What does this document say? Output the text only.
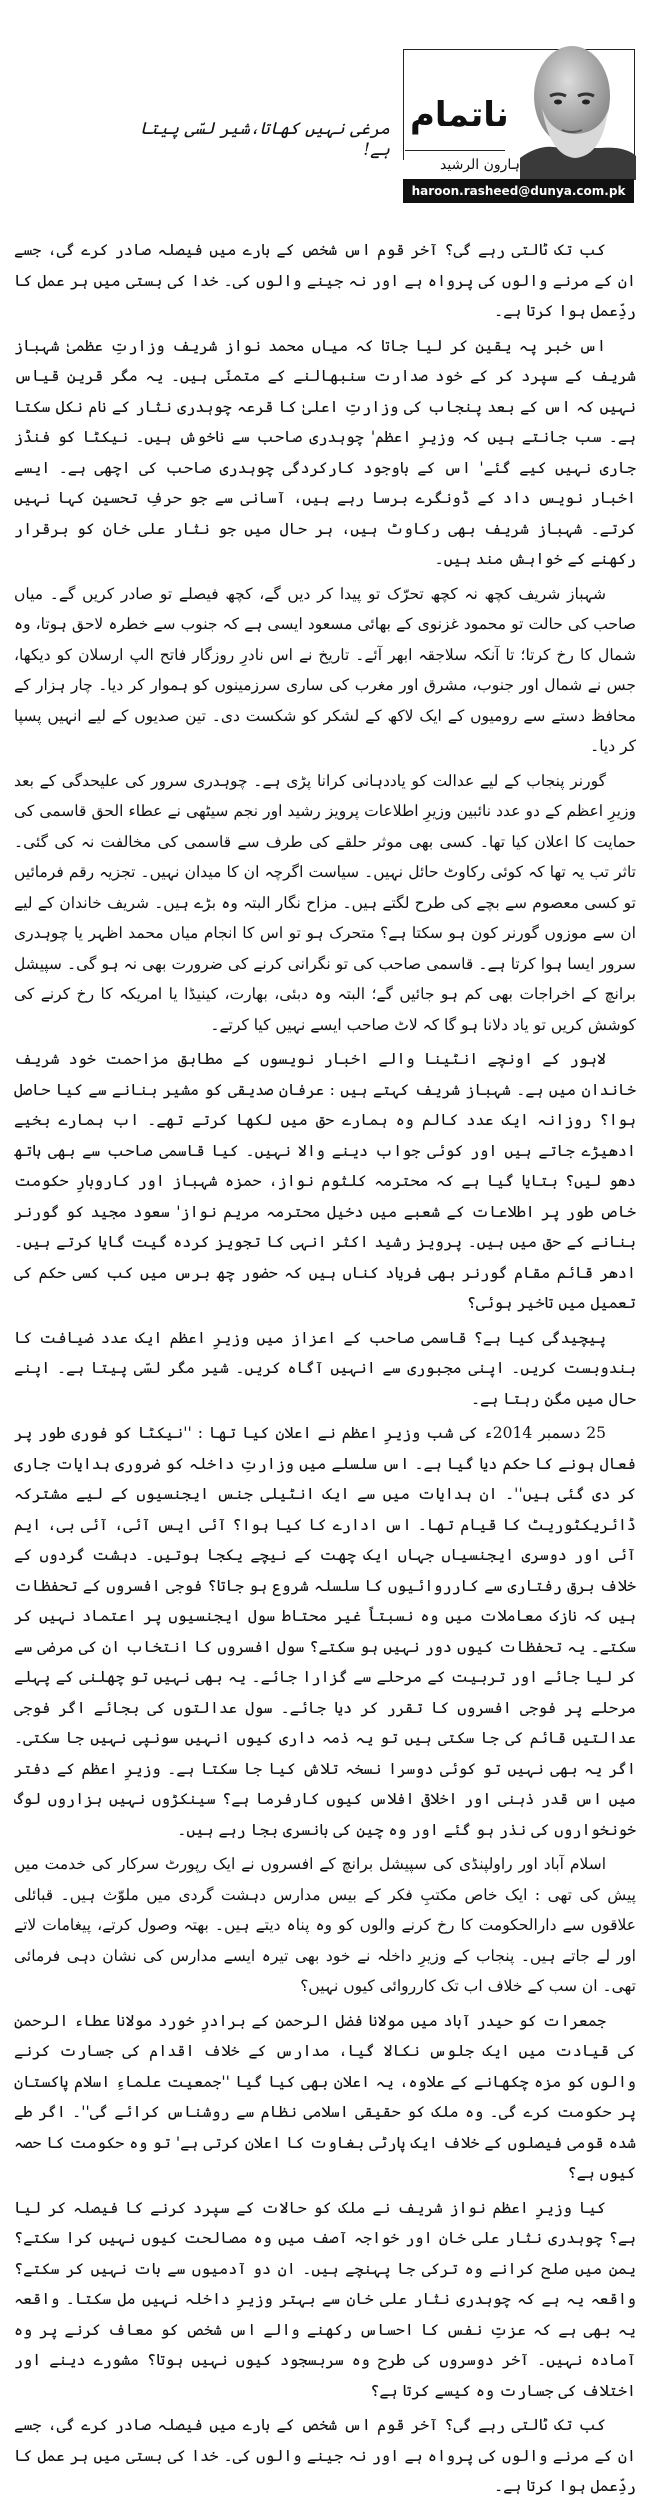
ناتمام
ہارون الرشید
haroon.rasheed@dunya.com.pk
مرغی نہیں کھاتا،شیر لسّی پیتا ہے!

کب تک ٹالتی رہے گی؟ آخر قوم اس شخص کے بارے میں فیصلہ صادر کرے گی، جسے ان کے مرنے والوں کی پرواہ ہے اور نہ جینے والوں کی۔ خدا کی بستی میں ہر عمل کا ردِّعمل ہوا کرتا ہے۔

اس خبر پہ یقین کر لیا جاتا کہ میاں محمد نواز شریف وزارتِ عظمیٰ شہباز شریف کے سپرد کر کے خود صدارت سنبھالنے کے متمنّی ہیں۔ یہ مگر قرینِ قیاس نہیں کہ اس کے بعد پنجاب کی وزارتِ اعلیٰ کا قرعہ چوہدری نثار کے نام نکل سکتا ہے۔ سب جانتے ہیں کہ وزیرِ اعظم' چوہدری صاحب سے ناخوش ہیں۔ نیکٹا کو فنڈز جاری نہیں کیے گئے' اس کے باوجود کارکردگی چوہدری صاحب کی اچھی ہے۔ ایسے اخبار نویس داد کے ڈونگرے برسا رہے ہیں، آسانی سے جو حرفِ تحسین کہا نہیں کرتے۔ شہباز شریف بھی رکاوٹ ہیں، ہر حال میں جو نثار علی خان کو برقرار رکھنے کے خواہش مند ہیں۔

شہباز شریف کچھ نہ کچھ تحرّک تو پیدا کر دیں گے، کچھ فیصلے تو صادر کریں گے۔ میاں صاحب کی حالت تو محمود غزنوی کے بھائی مسعود ایسی ہے کہ جنوب سے خطرہ لاحق ہوتا، وہ شمال کا رخ کرتا؛ تا آنکہ سلاجقہ ابھر آئے۔ تاریخ نے اس نادرِ روزگار فاتح الپ ارسلان کو دیکھا، جس نے شمال اور جنوب، مشرق اور مغرب کی ساری سرزمینوں کو ہموار کر دیا۔ چار ہزار کے محافظ دستے سے رومیوں کے ایک لاکھ کے لشکر کو شکست دی۔ تین صدیوں کے لیے انہیں پسپا کر دیا۔

گورنر پنجاب کے لیے عدالت کو یاددہانی کرانا پڑی ہے۔ چوہدری سرور کی علیحدگی کے بعد وزیرِ اعظم کے دو عدد نائبین وزیرِ اطلاعات پرویز رشید اور نجم سیٹھی نے عطاء الحق قاسمی کی حمایت کا اعلان کیا تھا۔ کسی بھی موثر حلقے کی طرف سے قاسمی کی مخالفت نہ کی گئی۔ تاثر تب یہ تھا کہ کوئی رکاوٹ حائل نہیں۔ سیاست اگرچہ ان کا میدان نہیں۔ تجزیہ رقم فرمائیں تو کسی معصوم سے بچے کی طرح لگتے ہیں۔ مزاح نگار البتہ وہ بڑے ہیں۔ شریف خاندان کے لیے ان سے موزوں گورنر کون ہو سکتا ہے؟ متحرک ہو تو اس کا انجام میاں محمد اظہر یا چوہدری سرور ایسا ہوا کرتا ہے۔ قاسمی صاحب کی تو نگرانی کرنے کی ضرورت بھی نہ ہو گی۔ سپیشل برانچ کے اخراجات بھی کم ہو جائیں گے؛ البتہ وہ دبئی، بھارت، کینیڈا یا امریکہ کا رخ کرنے کی کوشش کریں تو یاد دلانا ہو گا کہ لاٹ صاحب ایسے نہیں کیا کرتے۔

لاہور کے اونچے انٹینا والے اخبار نویسوں کے مطابق مزاحمت خود شریف خاندان میں ہے۔ شہباز شریف کہتے ہیں : عرفان صدیقی کو مشیر بنانے سے کیا حاصل ہوا؟ روزانہ ایک عدد کالم وہ ہمارے حق میں لکھا کرتے تھے۔ اب ہمارے بخیے ادھیڑے جاتے ہیں اور کوئی جواب دینے والا نہیں۔ کیا قاسمی صاحب سے بھی ہاتھ دھو لیں؟ بتایا گیا ہے کہ محترمہ کلثوم نواز، حمزہ شہباز اور کاروبارِ حکومت خاص طور پر اطلاعات کے شعبے میں دخیل محترمہ مریم نواز' سعود مجید کو گورنر بنانے کے حق میں ہیں۔ پرویز رشید اکثر انہی کا تجویز کردہ گیت گایا کرتے ہیں۔ ادھر قائم مقام گورنر بھی فریاد کناں ہیں کہ حضور چھ برس میں کب کسی حکم کی تعمیل میں تاخیر ہوئی؟

پیچیدگی کیا ہے؟ قاسمی صاحب کے اعزاز میں وزیرِ اعظم ایک عدد ضیافت کا بندوبست کریں۔ اپنی مجبوری سے انہیں آگاہ کریں۔ شیر مگر لسّی پیتا ہے۔ اپنے حال میں مگن رہتا ہے۔

25 دسمبر 2014ء کی شب وزیرِ اعظم نے اعلان کیا تھا : ''نیکٹا کو فوری طور پر فعال ہونے کا حکم دیا گیا ہے۔ اس سلسلے میں وزارتِ داخلہ کو ضروری ہدایات جاری کر دی گئی ہیں''۔ ان ہدایات میں سے ایک انٹیلی جنس ایجنسیوں کے لیے مشترکہ ڈائریکٹوریٹ کا قیام تھا۔ اس ادارے کا کیا ہوا؟ آئی ایس آئی، آئی بی، ایم آئی اور دوسری ایجنسیاں جہاں ایک چھت کے نیچے یکجا ہوتیں۔ دہشت گردوں کے خلاف برق رفتاری سے کارروائیوں کا سلسلہ شروع ہو جاتا؟ فوجی افسروں کے تحفظات ہیں کہ نازک معاملات میں وہ نسبتاً غیر محتاط سول ایجنسیوں پر اعتماد نہیں کر سکتے۔ یہ تحفظات کیوں دور نہیں ہو سکتے؟ سول افسروں کا انتخاب ان کی مرضی سے کر لیا جائے اور تربیت کے مرحلے سے گزارا جائے۔ یہ بھی نہیں تو چھلنی کے پہلے مرحلے پر فوجی افسروں کا تقرر کر دیا جائے۔ سول عدالتوں کی بجائے اگر فوجی عدالتیں قائم کی جا سکتی ہیں تو یہ ذمہ داری کیوں انہیں سونپی نہیں جا سکتی۔ اگر یہ بھی نہیں تو کوئی دوسرا نسخہ تلاش کیا جا سکتا ہے۔ وزیرِ اعظم کے دفتر میں اس قدر ذہنی اور اخلاقی افلاس کیوں کارفرما ہے؟ سینکڑوں نہیں ہزاروں لوگ خونخواروں کی نذر ہو گئے اور وہ چین کی بانسری بجا رہے ہیں۔

اسلام آباد اور راولپنڈی کی سپیشل برانچ کے افسروں نے ایک رپورٹ سرکار کی خدمت میں پیش کی تھی : ایک خاص مکتبِ فکر کے بیس مدارس دہشت گردی میں ملوّث ہیں۔ قبائلی علاقوں سے دارالحکومت کا رخ کرنے والوں کو وہ پناہ دیتے ہیں۔ بھتہ وصول کرتے، پیغامات لاتے اور لے جاتے ہیں۔ پنجاب کے وزیرِ داخلہ نے خود بھی تیرہ ایسے مدارس کی نشان دہی فرمائی تھی۔ ان سب کے خلاف اب تک کارروائی کیوں نہیں؟

جمعرات کو حیدر آباد میں مولانا فضل الرحمن کے برادرِ خورد مولانا عطاء الرحمن کی قیادت میں ایک جلوس نکالا گیا، مدارس کے خلاف اقدام کی جسارت کرنے والوں کو مزہ چکھانے کے علاوہ، یہ اعلان بھی کیا گیا ''جمعیت علماءِ اسلام پاکستان پر حکومت کرے گی۔ وہ ملک کو حقیقی اسلامی نظام سے روشناس کرائے گی''۔ اگر طے شدہ قومی فیصلوں کے خلاف ایک پارٹی بغاوت کا اعلان کرتی ہے' تو وہ حکومت کا حصہ کیوں ہے؟

کیا وزیرِ اعظم نواز شریف نے ملک کو حالات کے سپرد کرنے کا فیصلہ کر لیا ہے؟ چوہدری نثار علی خان اور خواجہ آصف میں وہ مصالحت کیوں نہیں کرا سکتے؟ یمن میں صلح کرانے وہ ترکی جا پہنچے ہیں۔ ان دو آدمیوں سے بات نہیں کر سکتے؟ واقعہ یہ ہے کہ چوہدری نثار علی خان سے بہتر وزیرِ داخلہ نہیں مل سکتا۔ واقعہ یہ بھی ہے کہ عزتِ نفس کا احساس رکھنے والے اس شخص کو معاف کرنے پر وہ آمادہ نہیں۔ آخر دوسروں کی طرح وہ سربسجود کیوں نہیں ہوتا؟ مشورے دینے اور اختلاف کی جسارت وہ کیسے کرتا ہے؟

کب تک ٹالتی رہے گی؟ آخر قوم اس شخص کے بارے میں فیصلہ صادر کرے گی، جسے ان کے مرنے والوں کی پرواہ ہے اور نہ جینے والوں کی۔ خدا کی بستی میں ہر عمل کا ردِّعمل ہوا کرتا ہے۔
